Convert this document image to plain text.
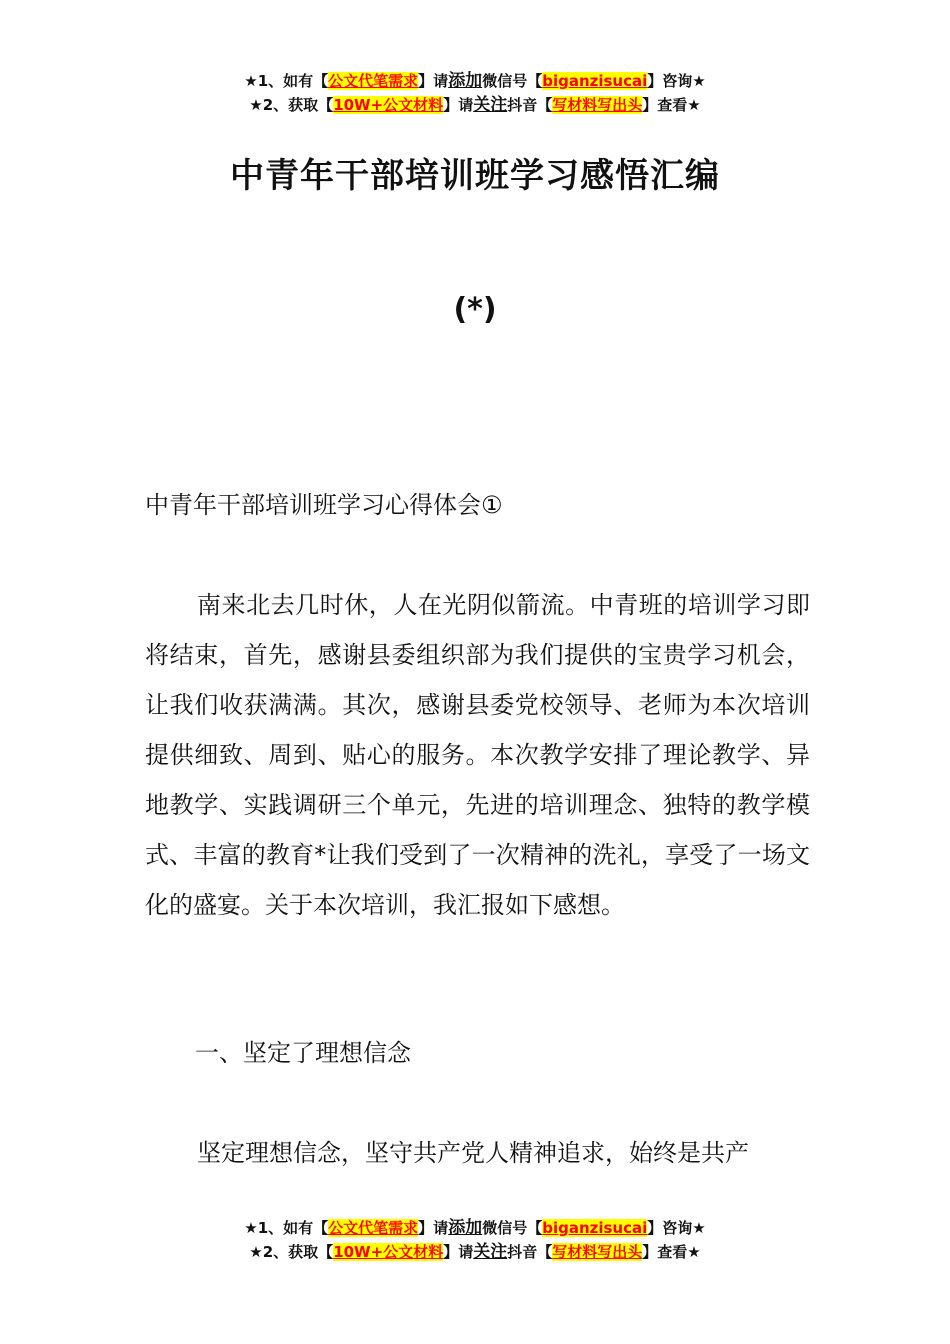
★1、如有【公文代笔需求】请添加微信号【biganzisucai】咨询★
★2、获取【10W+公文材料】请关注抖音【写材料写出头】查看★
中青年干部培训班学习感悟汇编
(*)
中青年干部培训班学习心得体会①
南来北去几时休，人在光阴似箭流。中青班的培训学习即将结束，首先，感谢县委组织部为我们提供的宝贵学习机会，让我们收获满满。其次，感谢县委党校领导、老师为本次培训提供细致、周到、贴心的服务。本次教学安排了理论教学、异地教学、实践调研三个单元，先进的培训理念、独特的教学模式、丰富的教育*让我们受到了一次精神的洗礼，享受了一场文化的盛宴。关于本次培训，我汇报如下感想。
一、坚定了理想信念
坚定理想信念，坚守共产党人精神追求，始终是共产
★1、如有【公文代笔需求】请添加微信号【biganzisucai】咨询★
★2、获取【10W+公文材料】请关注抖音【写材料写出头】查看★
